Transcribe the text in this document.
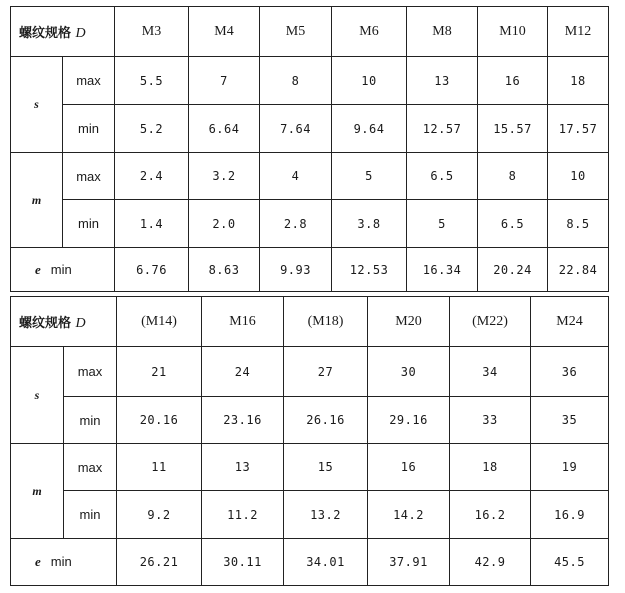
螺纹规格 D		M3	M4	M5	M6	M8	M10	M12
s	max	5.5	7	8	10	13	16	18
	min	5.2	6.64	7.64	9.64	12.57	15.57	17.57
m	max	2.4	3.2	4	5	6.5	8	10
	min	1.4	2.0	2.8	3.8	5	6.5	8.5
e min		6.76	8.63	9.93	12.53	16.34	20.24	22.84
螺纹规格 D		(M14)	M16	(M18)	M20	(M22)	M24
s	max	21	24	27	30	34	36
	min	20.16	23.16	26.16	29.16	33	35
m	max	11	13	15	16	18	19
	min	9.2	11.2	13.2	14.2	16.2	16.9
e min		26.21	30.11	34.01	37.91	42.9	45.5
